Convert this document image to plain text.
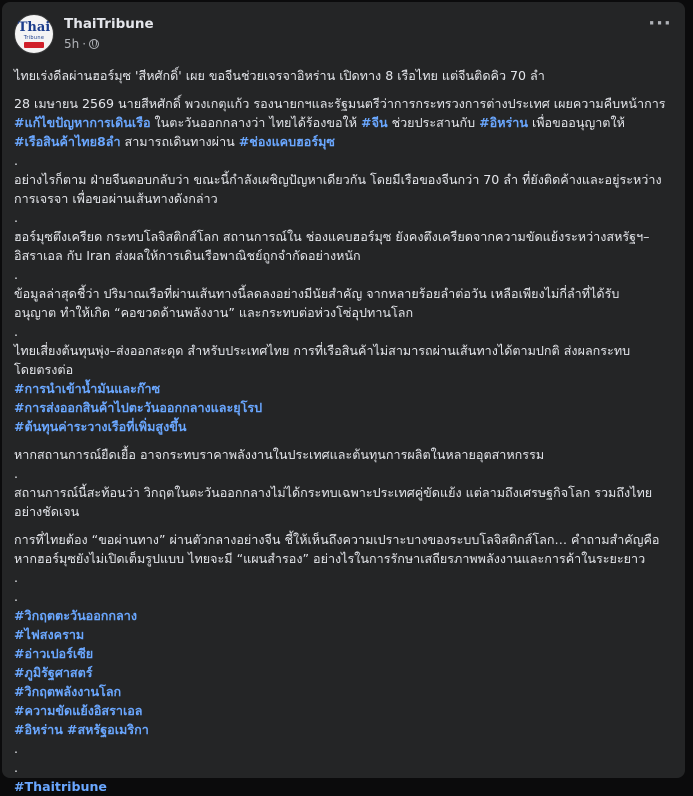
Thai
Tribune
ThaiTribune
5h ·
···

ไทยเร่งดีลผ่านฮอร์มุซ 'สีหศักดิ์' เผย ขอจีนช่วยเจรจาอิหร่าน เปิดทาง 8 เรือไทย แต่จีนติดคิว 70 ลำ

28 เมษายน 2569 นายสีหศักดิ์ พวงเกตุแก้ว รองนายกฯและรัฐมนตรีว่าการกระทรวงการต่างประเทศ เผยความคืบหน้าการ

#แก้ไขปัญหาการเดินเรือ ในตะวันออกกลางว่า ไทยได้ร้องขอให้ #จีน ช่วยประสานกับ #อิหร่าน เพื่อขออนุญาตให้

#เรือสินค้าไทย8ลำ สามารถเดินทางผ่าน #ช่องแคบฮอร์มุซ

.

อย่างไรก็ตาม ฝ่ายจีนตอบกลับว่า ขณะนี้กำลังเผชิญปัญหาเดียวกัน โดยมีเรือของจีนกว่า 70 ลำ ที่ยังติดค้างและอยู่ระหว่าง

การเจรจา เพื่อขอผ่านเส้นทางดังกล่าว

.

ฮอร์มุซตึงเครียด กระทบโลจิสติกส์โลก สถานการณ์ใน ช่องแคบฮอร์มุซ ยังคงตึงเครียดจากความขัดแย้งระหว่างสหรัฐฯ–

อิสราเอล กับ Iran ส่งผลให้การเดินเรือพาณิชย์ถูกจำกัดอย่างหนัก

.

ข้อมูลล่าสุดชี้ว่า ปริมาณเรือที่ผ่านเส้นทางนี้ลดลงอย่างมีนัยสำคัญ จากหลายร้อยลำต่อวัน เหลือเพียงไม่กี่ลำที่ได้รับ

อนุญาต ทำให้เกิด “คอขวดด้านพลังงาน” และกระทบต่อห่วงโซ่อุปทานโลก

.

ไทยเสี่ยงต้นทุนพุ่ง–ส่งออกสะดุด สำหรับประเทศไทย การที่เรือสินค้าไม่สามารถผ่านเส้นทางได้ตามปกติ ส่งผลกระทบ

โดยตรงต่อ

#การนำเข้าน้ำมันและก๊าซ

#การส่งออกสินค้าไปตะวันออกกลางและยุโรป

#ต้นทุนค่าระวางเรือที่เพิ่มสูงขึ้น

หากสถานการณ์ยืดเยื้อ อาจกระทบราคาพลังงานในประเทศและต้นทุนการผลิตในหลายอุตสาหกรรม

.

สถานการณ์นี้สะท้อนว่า วิกฤตในตะวันออกกลางไม่ได้กระทบเฉพาะประเทศคู่ขัดแย้ง แต่ลามถึงเศรษฐกิจโลก รวมถึงไทย

อย่างชัดเจน

การที่ไทยต้อง “ขอผ่านทาง” ผ่านตัวกลางอย่างจีน ชี้ให้เห็นถึงความเปราะบางของระบบโลจิสติกส์โลก… คำถามสำคัญคือ

หากฮอร์มุซยังไม่เปิดเต็มรูปแบบ ไทยจะมี “แผนสำรอง” อย่างไรในการรักษาเสถียรภาพพลังงานและการค้าในระยะยาว

.

.

#วิกฤตตะวันออกกลาง

#ไฟสงคราม

#อ่าวเปอร์เซีย

#ภูมิรัฐศาสตร์

#วิกฤตพลังงานโลก

#ความขัดแย้งอิสราเอล

#อิหร่าน #สหรัฐอเมริกา

.

.

#Thaitribune
